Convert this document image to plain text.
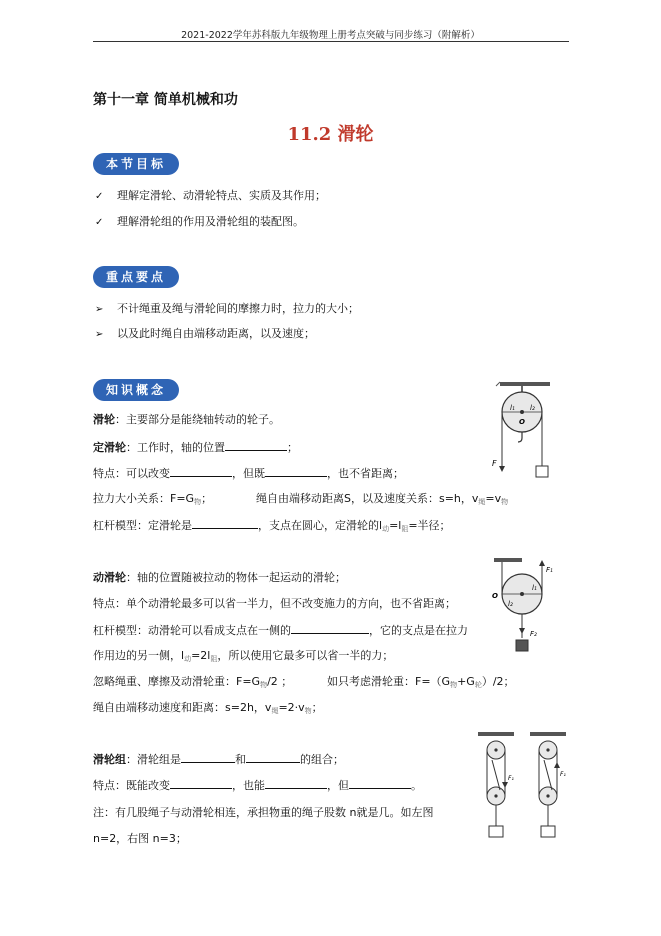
2021-2022学年苏科版九年级物理上册考点突破与同步练习（附解析）
第十一章 简单机械和功
11.2 滑轮
本节目标
✓ 理解定滑轮、动滑轮特点、实质及其作用；
✓ 理解滑轮组的作用及滑轮组的装配图。
重点要点
➢ 不计绳重及绳与滑轮间的摩擦力时，拉力的大小；
➢ 以及此时绳自由端移动距离，以及速度；
知识概念
滑轮：主要部分是能绕轴转动的轮子。
定滑轮：工作时，轴的位置	；
特点：可以改变	，但既	，也不省距离；
拉力大小关系：$F=G_物$；	绳自由端移动距离S，以及速度关系：s=h，$v_绳=v_物$
杠杆模型：定滑轮是	，支点在圆心，定滑轮的$l_动=l_阻=$半径；
动滑轮：轴的位置随被拉动的物体一起运动的滑轮；
特点：单个动滑轮最多可以省一半力，但不改变施力的方向，也不省距离；
杠杆模型：动滑轮可以看成支点在一侧的	，它的支点是在拉力
作用边的另一侧，$l_动=2l_阻$，所以使用它最多可以省一半的力；
忽略绳重、摩擦及动滑轮重：$F=G_物/2$ ；	如只考虑滑轮重：$F=(G_物+G_轮)/2$；
绳自由端移动速度和距离：s=2h，$v_绳=2\cdot v_物$；
滑轮组：滑轮组是	和	的组合；
特点：既能改变	，也能	，但	。
注：有几股绳子与动滑轮相连，承担物重的绳子股数 n就是几。如左图
n=2，右图 n=3；
l₁ l₂
O
F
O
l₁
l₂
F₁
F₂
F₁
F₁
